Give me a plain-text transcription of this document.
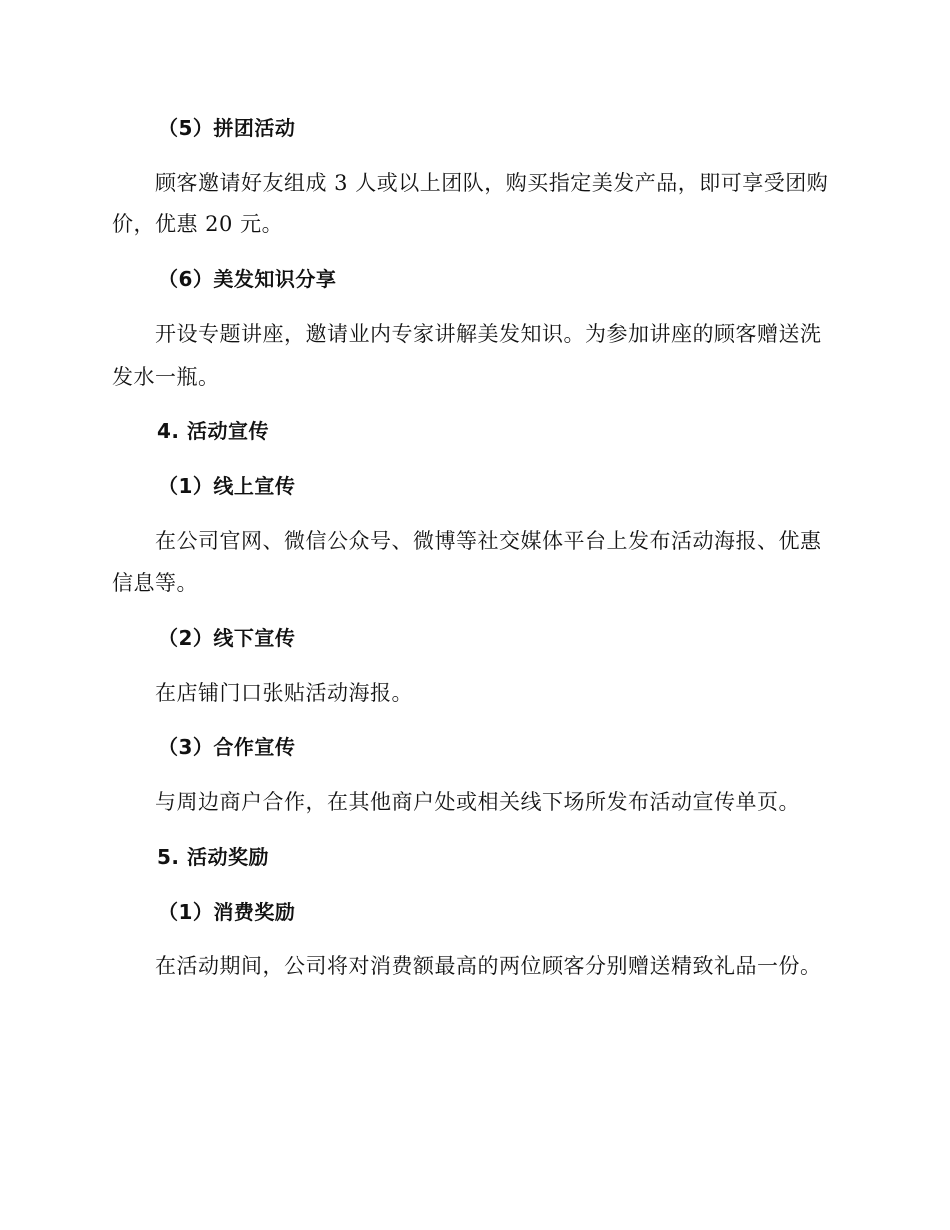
（5）拼团活动
顾客邀请好友组成 3 人或以上团队，购买指定美发产品，即可享受团购
价，优惠 20 元。
（6）美发知识分享
开设专题讲座，邀请业内专家讲解美发知识。为参加讲座的顾客赠送洗
发水一瓶。
4. 活动宣传
（1）线上宣传
在公司官网、微信公众号、微博等社交媒体平台上发布活动海报、优惠
信息等。
（2）线下宣传
在店铺门口张贴活动海报。
（3）合作宣传
与周边商户合作，在其他商户处或相关线下场所发布活动宣传单页。
5. 活动奖励
（1）消费奖励
在活动期间，公司将对消费额最高的两位顾客分别赠送精致礼品一份。
